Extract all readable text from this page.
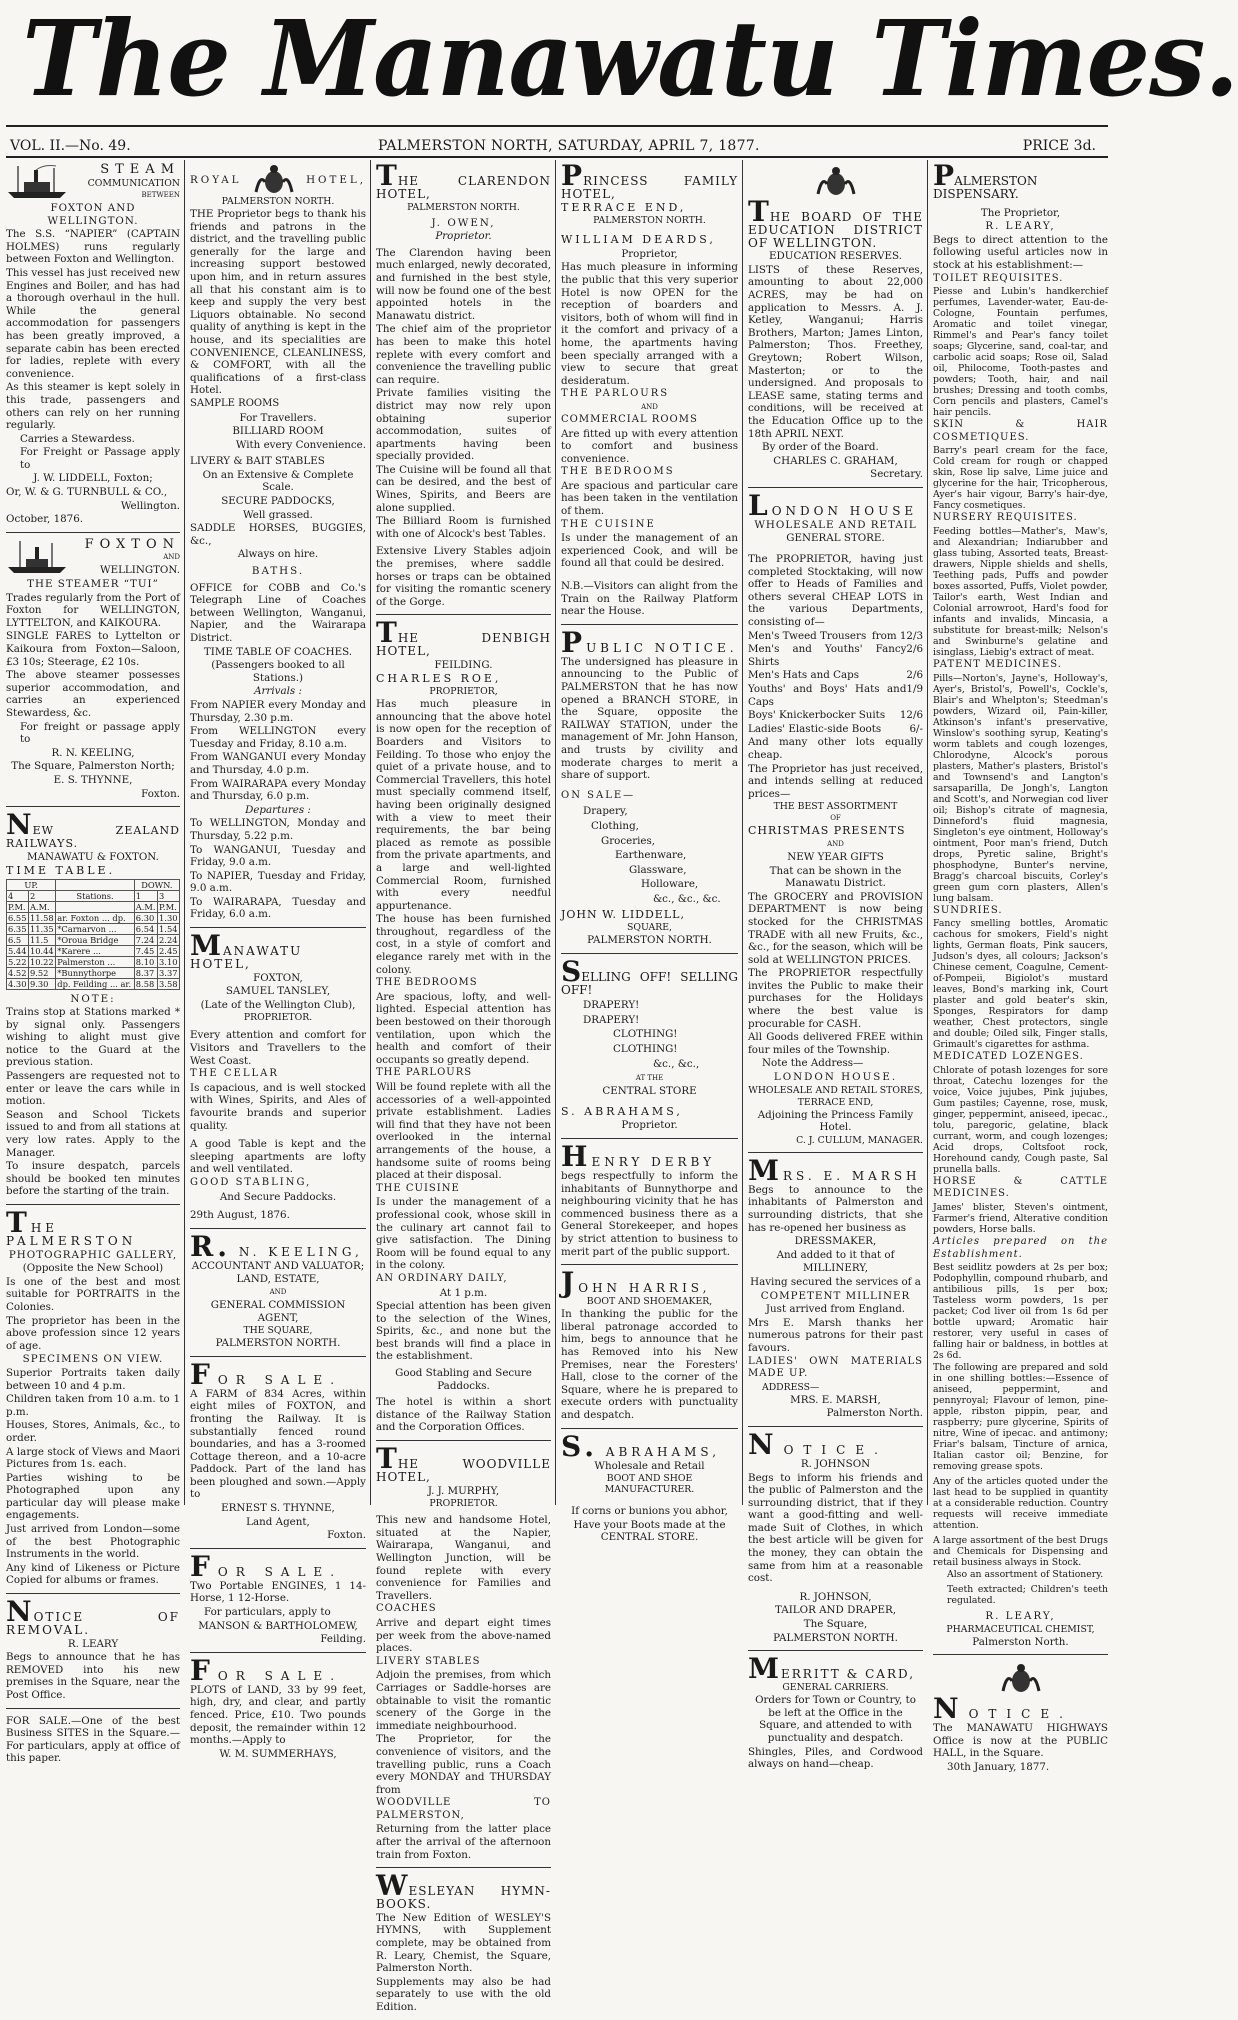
The Manawatu Times.
VOL. II.—No. 49.	PALMERSTON NORTH, SATURDAY, APRIL 7, 1877.	PRICE 3d.

STEAM

COMMUNICATION

BETWEEN

FOXTON AND WELLINGTON.

The S.S. “NAPIER” (CAPTAIN HOLMES) runs regularly between Foxton and Wellington.

This vessel has just received new Engines and Boiler, and has had a thorough overhaul in the hull. While the general accommodation for passengers has been greatly improved, a separate cabin has been erected for ladies, replete with every convenience.

As this steamer is kept solely in this trade, passengers and others can rely on her running regularly.

Carries a Stewardess.

For Freight or Passage apply to

J. W. LIDDELL, Foxton;

Or, W. & G. TURNBULL & CO.,

Wellington.

October, 1876.

FOXTON

AND

WELLINGTON.

THE STEAMER “TUI”

Trades regularly from the Port of Foxton for WELLINGTON, LYTTELTON, and KAIKOURA.

SINGLE FARES to Lyttelton or Kaikoura from Foxton—Saloon, £3 10s; Steerage, £2 10s.

The above steamer possesses superior accommodation, and carries an experienced Stewardess, &c.

For freight or passage apply to

R. N. KEELING,

The Square, Palmerston North;

E. S. THYNNE,

Foxton.

NEW ZEALAND RAILWAYS.

MANAWATU & FOXTON.

TIME TABLE.

UP.			DOWN.	
4	2	Stations.	1	3
P.M.	A.M.		A.M.	P.M.
6.55	11.58	ar. Foxton ... dp.	6.30	1.30
6.35	11.35	*Carnarvon ...	6.54	1.54
6.5	11.5	*Oroua Bridge	7.24	2.24
5.44	10.44	*Karere ...	7.45	2.45
5.22	10.22	Palmerston ...	8.10	3.10
4.52	9.52	*Bunnythorpe	8.37	3.37
4.30	9.30	dp. Feilding ... ar.	8.58	3.58

NOTE:

Trains stop at Stations marked * by signal only. Passengers wishing to alight must give notice to the Guard at the previous station.

Passengers are requested not to enter or leave the cars while in motion.

Season and School Tickets issued to and from all stations at very low rates. Apply to the Manager.

To insure despatch, parcels should be booked ten minutes before the starting of the train.

THE PALMERSTON

PHOTOGRAPHIC GALLERY,

(Opposite the New School)

Is one of the best and most suitable for PORTRAITS in the Colonies.

The proprietor has been in the above profession since 12 years of age.

SPECIMENS ON VIEW.

Superior Portraits taken daily between 10 and 4 p.m.

Children taken from 10 a.m. to 1 p.m.

Houses, Stores, Animals, &c., to order.

A large stock of Views and Maori Pictures from 1s. each.

Parties wishing to be Photographed upon any particular day will please make engagements.

Just arrived from London—some of the best Photographic Instruments in the world.

Any kind of Likeness or Picture Copied for albums or frames.

NOTICE OF REMOVAL.

R. LEARY

Begs to announce that he has REMOVED into his new premises in the Square, near the Post Office.

FOR SALE.—One of the best Business SITES in the Square.—For particulars, apply at office of this paper.

ROYAL	HOTEL,

PALMERSTON NORTH.

THE Proprietor begs to thank his friends and patrons in the district, and the travelling public generally for the large and increasing support bestowed upon him, and in return assures all that his constant aim is to keep and supply the very best Liquors obtainable. No second quality of anything is kept in the house, and its specialities are CONVENIENCE, CLEANLINESS, & COMFORT, with all the qualifications of a first-class Hotel.

SAMPLE ROOMS

For Travellers.

BILLIARD ROOM

With every Convenience.

LIVERY & BAIT STABLES

On an Extensive & Complete Scale.

SECURE PADDOCKS,

Well grassed.

SADDLE HORSES, BUGGIES, &c.,

Always on hire.

BATHS.

OFFICE for COBB and Co.'s Telegraph Line of Coaches between Wellington, Wanganui, Napier, and the Wairarapa District.

TIME TABLE OF COACHES.

(Passengers booked to all Stations.)

Arrivals :

From NAPIER every Monday and Thursday, 2.30 p.m.

From WELLINGTON every Tuesday and Friday, 8.10 a.m.

From WANGANUI every Monday and Thursday, 4.0 p.m.

From WAIRARAPA every Monday and Thursday, 6.0 p.m.

Departures :

To WELLINGTON, Monday and Thursday, 5.22 p.m.

To WANGANUI, Tuesday and Friday, 9.0 a.m.

To NAPIER, Tuesday and Friday, 9.0 a.m.

To WAIRARAPA, Tuesday and Friday, 6.0 a.m.

MANAWATU HOTEL,

FOXTON,

SAMUEL TANSLEY,

(Late of the Wellington Club),

PROPRIETOR.

Every attention and comfort for Visitors and Travellers to the West Coast.

THE CELLAR

Is capacious, and is well stocked with Wines, Spirits, and Ales of favourite brands and superior quality.

A good Table is kept and the sleeping apartments are lofty and well ventilated.

GOOD STABLING,

And Secure Paddocks.

29th August, 1876.

R. N. KEELING,

ACCOUNTANT AND VALUATOR;

LAND, ESTATE,

AND

GENERAL COMMISSION AGENT,

THE SQUARE,

PALMERSTON NORTH.

FOR SALE.

A FARM of 834 Acres, within eight miles of FOXTON, and fronting the Railway. It is substantially fenced round boundaries, and has a 3-roomed Cottage thereon, and a 10-acre Paddock. Part of the land has been ploughed and sown.—Apply to

ERNEST S. THYNNE,

Land Agent,

Foxton.

FOR SALE.

Two Portable ENGINES, 1 14-Horse, 1 12-Horse.

For particulars, apply to

MANSON & BARTHOLOMEW,

Feilding.

FOR SALE.

PLOTS of LAND, 33 by 99 feet, high, dry, and clear, and partly fenced. Price, £10. Two pounds deposit, the remainder within 12 months.—Apply to

W. M. SUMMERHAYS,

THE CLARENDON HOTEL,

PALMERSTON NORTH.

J. OWEN,

Proprietor.

The Clarendon having been much enlarged, newly decorated, and furnished in the best style, will now be found one of the best appointed hotels in the Manawatu district.

The chief aim of the proprietor has been to make this hotel replete with every comfort and convenience the travelling public can require.

Private families visiting the district may now rely upon obtaining superior accommodation, suites of apartments having been specially provided.

The Cuisine will be found all that can be desired, and the best of Wines, Spirits, and Beers are alone supplied.

The Billiard Room is furnished with one of Alcock's best Tables.

Extensive Livery Stables adjoin the premises, where saddle horses or traps can be obtained for visiting the romantic scenery of the Gorge.

THE DENBIGH HOTEL,

FEILDING.

CHARLES ROE,

PROPRIETOR,

Has much pleasure in announcing that the above hotel is now open for the reception of Boarders and Visitors to Feilding. To those who enjoy the quiet of a private house, and to Commercial Travellers, this hotel must specially commend itself, having been originally designed with a view to meet their requirements, the bar being placed as remote as possible from the private apartments, and a large and well-lighted Commercial Room, furnished with every needful appurtenance.

The house has been furnished throughout, regardless of the cost, in a style of comfort and elegance rarely met with in the colony.

THE BEDROOMS

Are spacious, lofty, and well-lighted. Especial attention has been bestowed on their thorough ventilation, upon which the health and comfort of their occupants so greatly depend.

THE PARLOURS

Will be found replete with all the accessories of a well-appointed private establishment. Ladies will find that they have not been overlooked in the internal arrangements of the house, a handsome suite of rooms being placed at their disposal.

THE CUISINE

Is under the management of a professional cook, whose skill in the culinary art cannot fail to give satisfaction. The Dining Room will be found equal to any in the colony.

AN ORDINARY DAILY,

At 1 p.m.

Special attention has been given to the selection of the Wines, Spirits, &c., and none but the best brands will find a place in the establishment.

Good Stabling and Secure Paddocks.

The hotel is within a short distance of the Railway Station and the Corporation Offices.

THE WOODVILLE HOTEL,

J. J. MURPHY,

PROPRIETOR.

This new and handsome Hotel, situated at the Napier, Wairarapa, Wanganui, and Wellington Junction, will be found replete with every convenience for Families and Travellers.

COACHES

Arrive and depart eight times per week from the above-named places.

LIVERY STABLES

Adjoin the premises, from which Carriages or Saddle-horses are obtainable to visit the romantic scenery of the Gorge in the immediate neighbourhood.

The Proprietor, for the convenience of visitors, and the travelling public, runs a Coach every MONDAY and THURSDAY from

WOODVILLE TO PALMERSTON,

Returning from the latter place after the arrival of the afternoon train from Foxton.

WESLEYAN HYMN-BOOKS.

The New Edition of WESLEY'S HYMNS, with Supplement complete, may be obtained from R. Leary, Chemist, the Square, Palmerston North.

Supplements may also be had separately to use with the old Edition.

PRINCESS FAMILY HOTEL,

TERRACE END,

PALMERSTON NORTH.

WILLIAM DEARDS,

Proprietor,

Has much pleasure in informing the public that this very superior Hotel is now OPEN for the reception of boarders and visitors, both of whom will find in it the comfort and privacy of a home, the apartments having been specially arranged with a view to secure that great desideratum.

THE PARLOURS

AND

COMMERCIAL ROOMS

Are fitted up with every attention to comfort and business convenience.

THE BEDROOMS

Are spacious and particular care has been taken in the ventilation of them.

THE CUISINE

Is under the management of an experienced Cook, and will be found all that could be desired.

N.B.—Visitors can alight from the Train on the Railway Platform near the House.

PUBLIC NOTICE.

The undersigned has pleasure in announcing to the Public of PALMERSTON that he has now opened a BRANCH STORE, in the Square, opposite the RAILWAY STATION, under the management of Mr. John Hanson, and trusts by civility and moderate charges to merit a share of support.

ON SALE—

Drapery,

Clothing,

Groceries,

Earthenware,

Glassware,

Holloware,

&c., &c., &c.

JOHN W. LIDDELL,

SQUARE,

PALMERSTON NORTH.

SELLING OFF! SELLING OFF!

DRAPERY!

DRAPERY!

CLOTHING!

CLOTHING!

&c., &c.,

AT THE

CENTRAL STORE

S. ABRAHAMS,

Proprietor.

HENRY DERBY

begs respectfully to inform the inhabitants of Bunnythorpe and neighbouring vicinity that he has commenced business there as a General Storekeeper, and hopes by strict attention to business to merit part of the public support.

JOHN HARRIS,

BOOT AND SHOEMAKER,

In thanking the public for the liberal patronage accorded to him, begs to announce that he has Removed into his New Premises, near the Foresters' Hall, close to the corner of the Square, where he is prepared to execute orders with punctuality and despatch.

S. ABRAHAMS,

Wholesale and Retail

BOOT AND SHOE MANUFACTURER.

If corns or bunions you abhor,

Have your Boots made at the CENTRAL STORE.

THE BOARD OF THE EDUCATION DISTRICT OF WELLINGTON.

EDUCATION RESERVES.

LISTS of these Reserves, amounting to about 22,000 ACRES, may be had on application to Messrs. A. J. Ketley, Wanganui; Harris Brothers, Marton; James Linton, Palmerston; Thos. Freethey, Greytown; Robert Wilson, Masterton; or to the undersigned. And proposals to LEASE same, stating terms and conditions, will be received at the Education Office up to the 18th APRIL NEXT.

By order of the Board.

CHARLES C. GRAHAM,

Secretary.

LONDON HOUSE

WHOLESALE AND RETAIL

GENERAL STORE.

The PROPRIETOR, having just completed Stocktaking, will now offer to Heads of Families and others several CHEAP LOTS in the various Departments, consisting of—

Men's Tweed Trousers from 12/3

Men's and Youths' Fancy Shirts
2/6

Men's Hats and Caps	2/6

Youths' and Boys' Hats and Caps
1/9

Boys' Knickerbocker Suits 12/6

Ladies' Elastic-side Boots	6/-

And many other lots equally cheap.

The Proprietor has just received, and intends selling at reduced prices—

THE BEST ASSORTMENT

OF

CHRISTMAS PRESENTS

AND

NEW YEAR GIFTS

That can be shown in the Manawatu District.

The GROCERY and PROVISION DEPARTMENT is now being stocked for the CHRISTMAS TRADE with all new Fruits, &c., &c., for the season, which will be sold at WELLINGTON PRICES.

The PROPRIETOR respectfully invites the Public to make their purchases for the Holidays where the best value is procurable for CASH.

All Goods delivered FREE within four miles of the Township.

Note the Address—

LONDON HOUSE.

WHOLESALE AND RETAIL STORES,

TERRACE END,

Adjoining the Princess Family Hotel.

C. J. CULLUM, MANAGER.

MRS. E. MARSH

Begs to announce to the inhabitants of Palmerston and surrounding districts, that she has re-opened her business as

DRESSMAKER,

And added to it that of

MILLINERY,

Having secured the services of a

COMPETENT MILLINER

Just arrived from England.

Mrs E. Marsh thanks her numerous patrons for their past favours.

LADIES' OWN MATERIALS MADE UP.

ADDRESS—

MRS. E. MARSH,

Palmerston North.

NOTICE.

R. JOHNSON

Begs to inform his friends and the public of Palmerston and the surrounding district, that if they want a good-fitting and well-made Suit of Clothes, in which the best article will be given for the money, they can obtain the same from him at a reasonable cost.

R. JOHNSON,

TAILOR AND DRAPER,

The Square,

PALMERSTON NORTH.

MERRITT & CARD,

GENERAL CARRIERS.

Orders for Town or Country, to be left at the Office in the Square, and attended to with punctuality and despatch.

Shingles, Piles, and Cordwood always on hand—cheap.

PALMERSTON DISPENSARY.

The Proprietor,

R. LEARY,

Begs to direct attention to the following useful articles now in stock at his establishment:—

TOILET REQUISITES.

Piesse and Lubin's handkerchief perfumes, Lavender-water, Eau-de-Cologne, Fountain perfumes, Aromatic and toilet vinegar, Rimmel's and Pear's fancy toilet soaps; Glycerine, sand, coal-tar, and carbolic acid soaps; Rose oil, Salad oil, Philocome, Tooth-pastes and powders; Tooth, hair, and nail brushes; Dressing and tooth combs, Corn pencils and plasters, Camel's hair pencils.

SKIN & HAIR COSMETIQUES.

Barry's pearl cream for the face, Cold cream for rough or chapped skin, Rose lip salve, Lime juice and glycerine for the hair, Tricopherous, Ayer's hair vigour, Barry's hair-dye, Fancy cosmetiques.

NURSERY REQUISITES.

Feeding bottles—Mather's, Maw's, and Alexandrian; Indiarubber and glass tubing, Assorted teats, Breast-drawers, Nipple shields and shells, Teething pads, Puffs and powder boxes assorted, Puffs, Violet powder, Tailor's earth, West Indian and Colonial arrowroot, Hard's food for infants and invalids, Mincasia, a substitute for breast-milk; Nelson's and Swinburne's gelatine and isinglass, Liebig's extract of meat.

PATENT MEDICINES.

Pills—Norton's, Jayne's, Holloway's, Ayer's, Bristol's, Powell's, Cockle's, Blair's and Whelpton's; Steedman's powders, Wizard oil, Pain-killer, Atkinson's infant's preservative, Winslow's soothing syrup, Keating's worm tablets and cough lozenges, Chlorodyne, Alcock's porous plasters, Mather's plasters, Bristol's and Townsend's and Langton's sarsaparilla, De Jongh's, Langton and Scott's, and Norwegian cod liver oil; Bishop's citrate of magnesia, Dinneford's fluid magnesia, Singleton's eye ointment, Holloway's ointment, Poor man's friend, Dutch drops, Pyretic saline, Bright's phosphodyne, Bunter's nervine, Bragg's charcoal biscuits, Corley's green gum corn plasters, Allen's lung balsam.

SUNDRIES.

Fancy smelling bottles, Aromatic cachous for smokers, Field's night lights, German floats, Pink saucers, Judson's dyes, all colours; Jackson's Chinese cement, Coagulne, Cement-of-Pompeii, Bigiolot's mustard leaves, Bond's marking ink, Court plaster and gold beater's skin, Sponges, Respirators for damp weather, Chest protectors, single and double; Oiled silk, Finger stalls, Grimault's cigarettes for asthma.

MEDICATED LOZENGES.

Chlorate of potash lozenges for sore throat, Catechu lozenges for the voice, Voice jujubes, Pink jujubes, Gum pastiles; Cayenne, rose, musk, ginger, peppermint, aniseed, ipecac., tolu, paregoric, gelatine, black currant, worm, and cough lozenges; Acid drops, Coltsfoot rock, Horehound candy, Cough paste, Sal prunella balls.

HORSE & CATTLE MEDICINES.

James' blister, Steven's ointment, Farmer's friend, Alterative condition powders, Horse balls.

Articles prepared on the Establishment.

Best seidlitz powders at 2s per box; Podophyllin, compound rhubarb, and antibilious pills, 1s per box; Tasteless worm powders, 1s per packet; Cod liver oil from 1s 6d per bottle upward; Aromatic hair restorer, very useful in cases of falling hair or baldness, in bottles at 2s 6d.

The following are prepared and sold in one shilling bottles:—Essence of aniseed, peppermint, and pennyroyal; Flavour of lemon, pine-apple, ribston pippin, pear, and raspberry; pure glycerine, Spirits of nitre, Wine of ipecac. and antimony; Friar's balsam, Tincture of arnica, Italian castor oil; Benzine, for removing grease spots.

Any of the articles quoted under the last head to be supplied in quantity at a considerable reduction. Country requests will receive immediate attention.

A large assortment of the best Drugs and Chemicals for Dispensing and retail business always in Stock.

Also an assortment of Stationery.

Teeth extracted; Children's teeth regulated.

R. LEARY,

PHARMACEUTICAL CHEMIST,

Palmerston North.

NOTICE.

The MANAWATU HIGHWAYS Office is now at the PUBLIC HALL, in the Square.

30th January, 1877.
